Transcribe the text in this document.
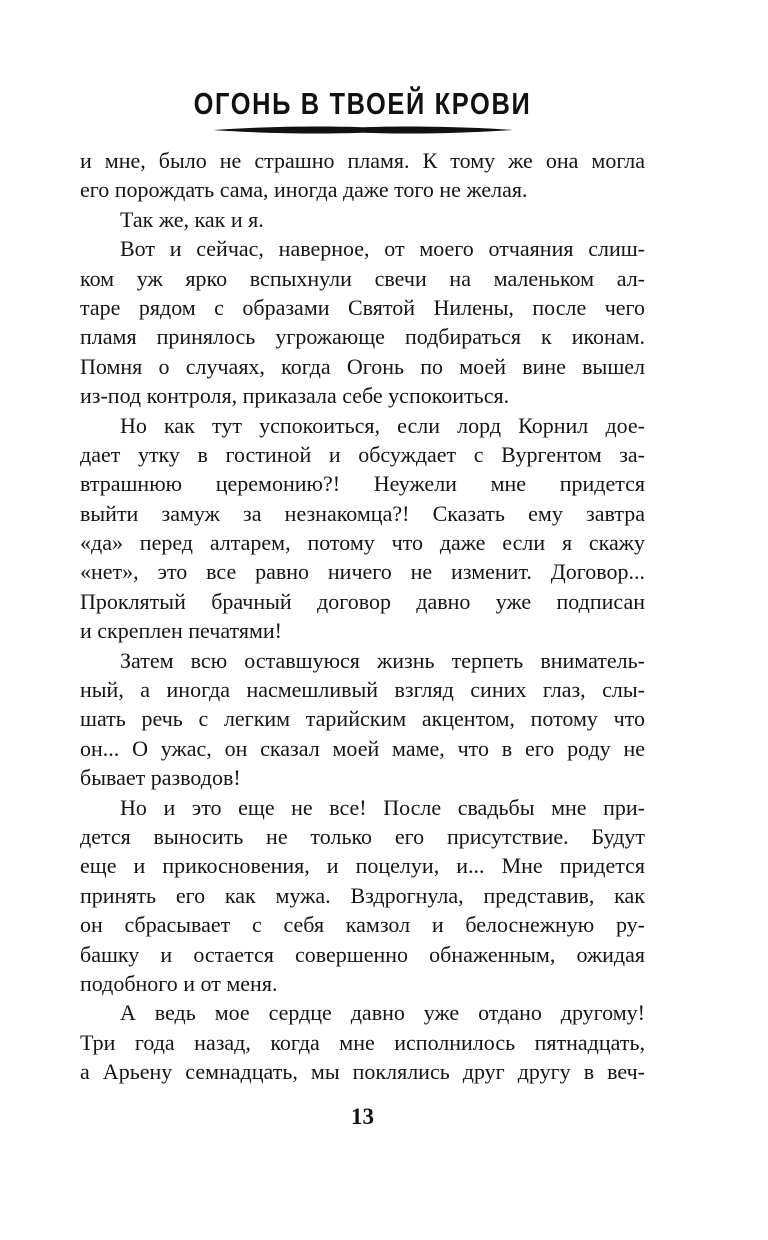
ОГОНЬ В ТВОЕЙ КРОВИ
и мне, было не страшно пламя. К тому же она могла
его порождать сама, иногда даже того не желая.
Так же, как и я.
Вот и сейчас, наверное, от моего отчаяния слиш-
ком уж ярко вспыхнули свечи на маленьком ал-
таре рядом с образами Святой Нилены, после чего
пламя принялось угрожающе подбираться к иконам.
Помня о случаях, когда Огонь по моей вине вышел
из-под контроля, приказала себе успокоиться.
Но как тут успокоиться, если лорд Корнил дое-
дает утку в гостиной и обсуждает с Вургентом за-
втрашнюю церемонию?! Неужели мне придется
выйти замуж за незнакомца?! Сказать ему завтра
«да» перед алтарем, потому что даже если я скажу
«нет», это все равно ничего не изменит. Договор...
Проклятый брачный договор давно уже подписан
и скреплен печатями!
Затем всю оставшуюся жизнь терпеть вниматель-
ный, а иногда насмешливый взгляд синих глаз, слы-
шать речь с легким тарийским акцентом, потому что
он... О ужас, он сказал моей маме, что в его роду не
бывает разводов!
Но и это еще не все! После свадьбы мне при-
дется выносить не только его присутствие. Будут
еще и прикосновения, и поцелуи, и... Мне придется
принять его как мужа. Вздрогнула, представив, как
он сбрасывает с себя камзол и белоснежную ру-
башку и остается совершенно обнаженным, ожидая
подобного и от меня.
А ведь мое сердце давно уже отдано другому!
Три года назад, когда мне исполнилось пятнадцать,
а Арьену семнадцать, мы поклялись друг другу в веч-
13
